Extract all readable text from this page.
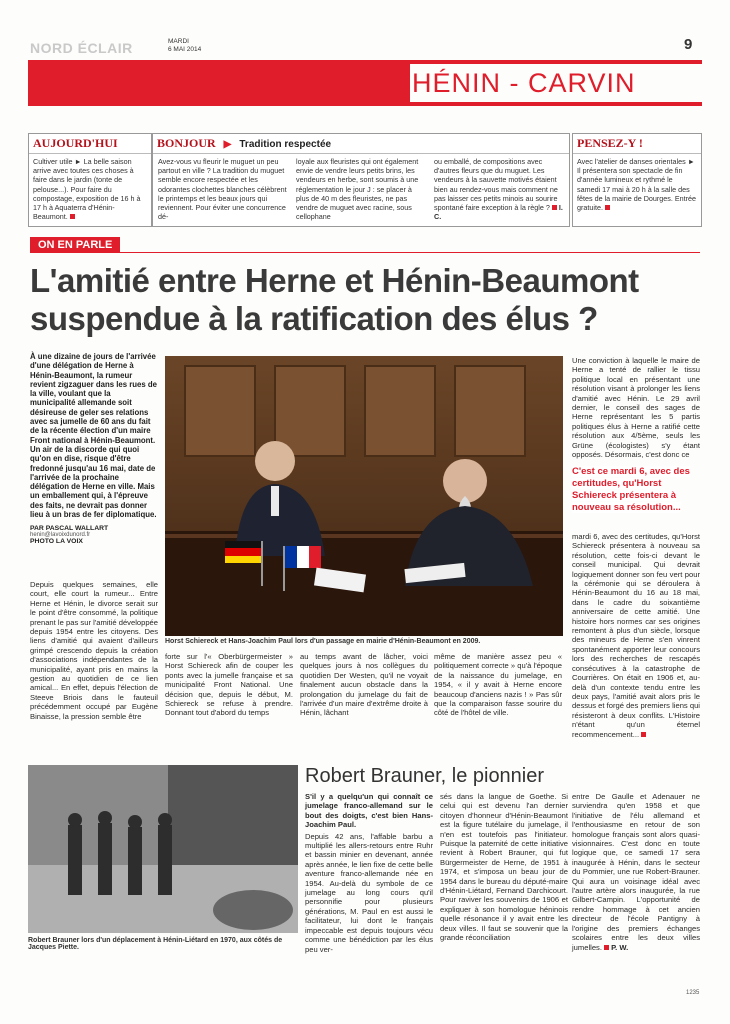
NORD ÉCLAIR	MARDI
6 MAI 2014	9
HÉNIN - CARVIN
AUJOURD'HUI
Cultiver utile ► La belle saison arrive avec toutes ces choses à faire dans le jardin (tonte de pelouse...). Pour faire du compostage, exposition de 16 h à 17 h à Aquaterra d'Hénin-Beaumont.
BONJOUR ▶ Tradition respectée
Avez-vous vu fleurir le muguet un peu partout en ville ? La tradition du muguet semble encore respectée et les odorantes clochettes blanches célèbrent le printemps et les beaux jours qui reviennent. Pour éviter une concurrence dé-
loyale aux fleuristes qui ont également envie de vendre leurs petits brins, les vendeurs en herbe, sont soumis à une réglementation le jour J : se placer à plus de 40 m des fleuristes, ne pas vendre de muguet avec racine, sous cellophane
ou emballé, de compositions avec d'autres fleurs que du muguet. Les vendeurs à la sauvette motivés étaient bien au rendez-vous mais comment ne pas laisser ces petits minois au sourire spontané faire exception à la règle ? I. C.
PENSEZ-Y !
Avec l'atelier de danses orientales ► Il présentera son spectacle de fin d'année lumineux et rythmé le samedi 17 mai à 20 h à la salle des fêtes de la mairie de Dourges. Entrée gratuite.
ON EN PARLE
L'amitié entre Herne et Hénin-Beaumont suspendue à la ratification des élus ?
À une dizaine de jours de l'arrivée d'une délégation de Herne à Hénin-Beaumont, la rumeur revient zigzaguer dans les rues de la ville, voulant que la municipalité allemande soit désireuse de geler ses relations avec sa jumelle de 60 ans du fait de la récente élection d'un maire Front national à Hénin-Beaumont. Un air de la discorde qui quoi qu'on en dise, risque d'être fredonné jusqu'au 16 mai, date de l'arrivée de la prochaine délégation de Herne en ville. Mais un emballement qui, à l'épreuve des faits, ne devrait pas donner lieu à un bras de fer diplomatique.
PAR PASCAL WALLART
henin@lavoixdunord.fr
PHOTO LA VOIX
Horst Schiereck et Hans-Joachim Paul lors d'un passage en mairie d'Hénin-Beaumont en 2009.
Depuis quelques semaines, elle court, elle court la rumeur... Entre Herne et Hénin, le divorce serait sur le point d'être consommé, la politique prenant le pas sur l'amitié développée depuis 1954 entre les citoyens. Des liens d'amitié qui avaient d'ailleurs grimpé crescendo depuis la création d'associations indépendantes de la municipalité, ayant pris en mains la gestion au quotidien de ce lien amical... En effet, depuis l'élection de Steeve Briois dans le fauteuil précédemment occupé par Eugène Binaisse, la pression semble être
forte sur l'« Oberbürgermeister » Horst Schiereck afin de couper les ponts avec la jumelle française et sa municipalité Front National. Une décision que, depuis le début, M. Schiereck se refuse à prendre. Donnant tout d'abord du temps
au temps avant de lâcher, voici quelques jours à nos collègues du quotidien Der Westen, qu'il ne voyait finalement aucun obstacle dans la prolongation du jumelage du fait de l'arrivée d'un maire d'extrême droite à Hénin, lâchant
même de manière assez peu « politiquement correcte » qu'à l'époque de la naissance du jumelage, en 1954, « il y avait à Herne encore beaucoup d'anciens nazis ! » Pas sûr que la comparaison fasse sourire du côté de l'hôtel de ville.
Une conviction à laquelle le maire de Herne a tenté de rallier le tissu politique local en présentant une résolution visant à prolonger les liens d'amitié avec Hénin. Le 29 avril dernier, le conseil des sages de Herne représentant les 5 partis politiques élus à Herne a ratifié cette résolution aux 4/5ème, seuls les Grüne (écologistes) s'y étant opposés. Désormais, c'est donc ce
C'est ce mardi 6, avec des certitudes, qu'Horst Schiereck présentera à nouveau sa résolution...
mardi 6, avec des certitudes, qu'Horst Schiereck présentera à nouveau sa résolution, cette fois-ci devant le conseil municipal. Qui devrait logiquement donner son feu vert pour la cérémonie qui se déroulera à Hénin-Beaumont du 16 au 18 mai, dans le cadre du soixantième anniversaire de cette amitié. Une histoire hors normes car ses origines remontent à plus d'un siècle, lorsque des mineurs de Herne s'en vinrent spontanément apporter leur concours lors des recherches de rescapés consécutives à la catastrophe de Courrières. On était en 1906 et, au-delà d'un contexte tendu entre les deux pays, l'amitié avait alors pris le dessus et forgé des premiers liens qui résisteront à deux conflits. L'Histoire n'étant qu'un éternel recommencement...
Robert Brauner, le pionnier
Robert Brauner lors d'un déplacement à Hénin-Liétard en 1970, aux côtés de Jacques Piette.
S'il y a quelqu'un qui connaît ce jumelage franco-allemand sur le bout des doigts, c'est bien Hans-Joachim Paul.
Depuis 42 ans, l'affable barbu a multiplié les allers-retours entre Ruhr et bassin minier en devenant, année après année, le lien fixe de cette belle aventure franco-allemande née en 1954. Au-delà du symbole de ce jumelage au long cours qu'il personnifie pour plusieurs générations, M. Paul en est aussi le facilitateur, lui dont le français impeccable est depuis toujours vécu comme une bénédiction par les élus peu ver-
sés dans la langue de Goethe. Si celui qui est devenu l'an dernier citoyen d'honneur d'Hénin-Beaumont est la figure tutélaire du jumelage, il n'en est toutefois pas l'initiateur. Puisque la paternité de cette initiative revient à Robert Brauner, qui fut Bürgermeister de Herne, de 1951 à 1974, et s'imposa un beau jour de 1954 dans le bureau du député-maire d'Hénin-Liétard, Fernand Darchicourt. Pour raviver les souvenirs de 1906 et expliquer à son homologue héninois quelle résonance il y avait entre les deux villes. Il faut se souvenir que la grande réconciliation
entre De Gaulle et Adenauer ne surviendra qu'en 1958 et que l'initiative de l'élu allemand et l'enthousiasme en retour de son homologue français sont alors quasi-visionnaires. C'est donc en toute logique que, ce samedi 17 sera inaugurée à Hénin, dans le secteur du Pommier, une rue Robert-Brauner. Qui aura un voisinage idéal avec l'autre artère alors inaugurée, la rue Gilbert-Campin. L'opportunité de rendre hommage à cet ancien directeur de l'école Pantigny à l'origine des premiers échanges scolaires entre les deux villes jumelles. P. W.
1235
